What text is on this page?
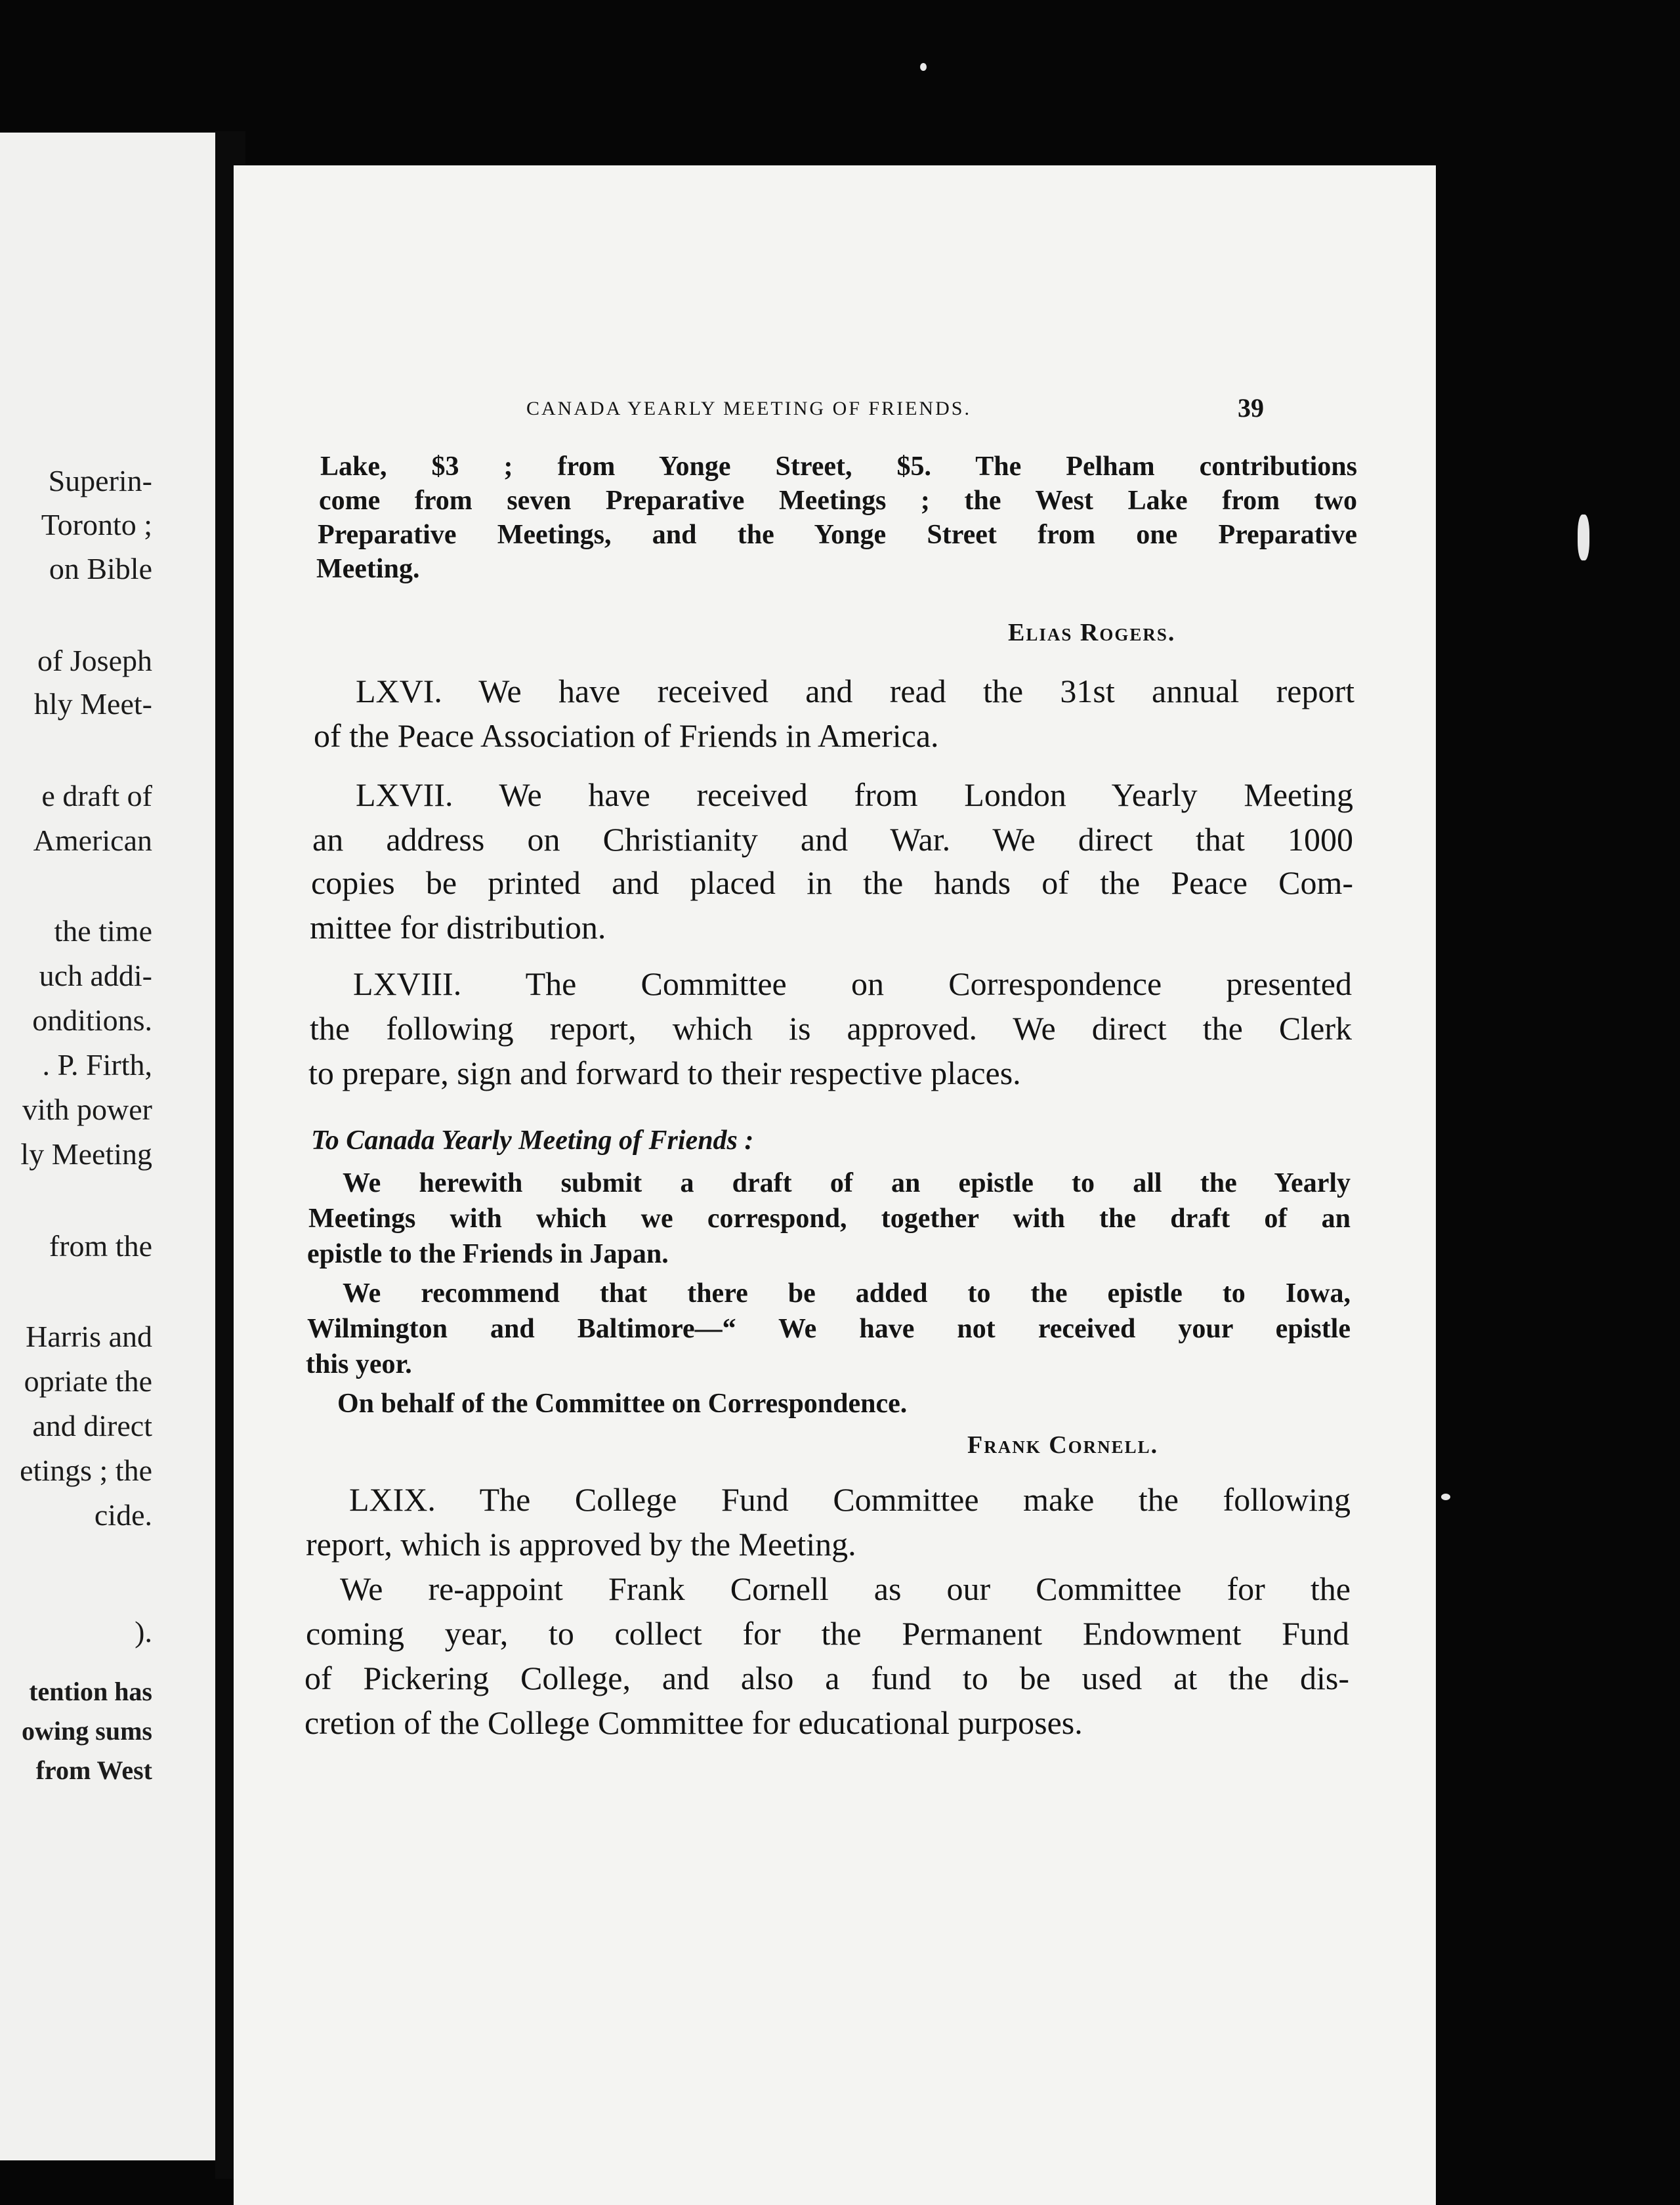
Superin-
Toronto ;
on Bible
of Joseph
hly Meet-
e draft of
American
the time
uch addi-
onditions.
. P. Firth,
vith power
ly Meeting
from the
Harris and
opriate the
and direct
etings ; the
cide.
).
tention has
owing sums
from West
CANADA YEARLY MEETING OF FRIENDS.	39
Lake, $3 ; from Yonge Street, $5. The Pelham contributions
come from seven Preparative Meetings ; the West Lake from two
Preparative Meetings, and the Yonge Street from one Preparative
Meeting.
Elias Rogers.
LXVI. We have received and read the 31st annual report
of the Peace Association of Friends in America.
LXVII. We have received from London Yearly Meeting
an address on Christianity and War. We direct that 1000
copies be printed and placed in the hands of the Peace Com-
mittee for distribution.
LXVIII. The Committee on Correspondence presented
the following report, which is approved. We direct the Clerk
to prepare, sign and forward to their respective places.
To Canada Yearly Meeting of Friends :
We herewith submit a draft of an epistle to all the Yearly
Meetings with which we correspond, together with the draft of an
epistle to the Friends in Japan.
We recommend that there be added to the epistle to Iowa,
Wilmington and Baltimore—“ We have not received your epistle
this yeor.
On behalf of the Committee on Correspondence.
Frank Cornell.
LXIX. The College Fund Committee make the following
report, which is approved by the Meeting.
We re-appoint Frank Cornell as our Committee for the
coming year, to collect for the Permanent Endowment Fund
of Pickering College, and also a fund to be used at the dis-
cretion of the College Committee for educational purposes.
